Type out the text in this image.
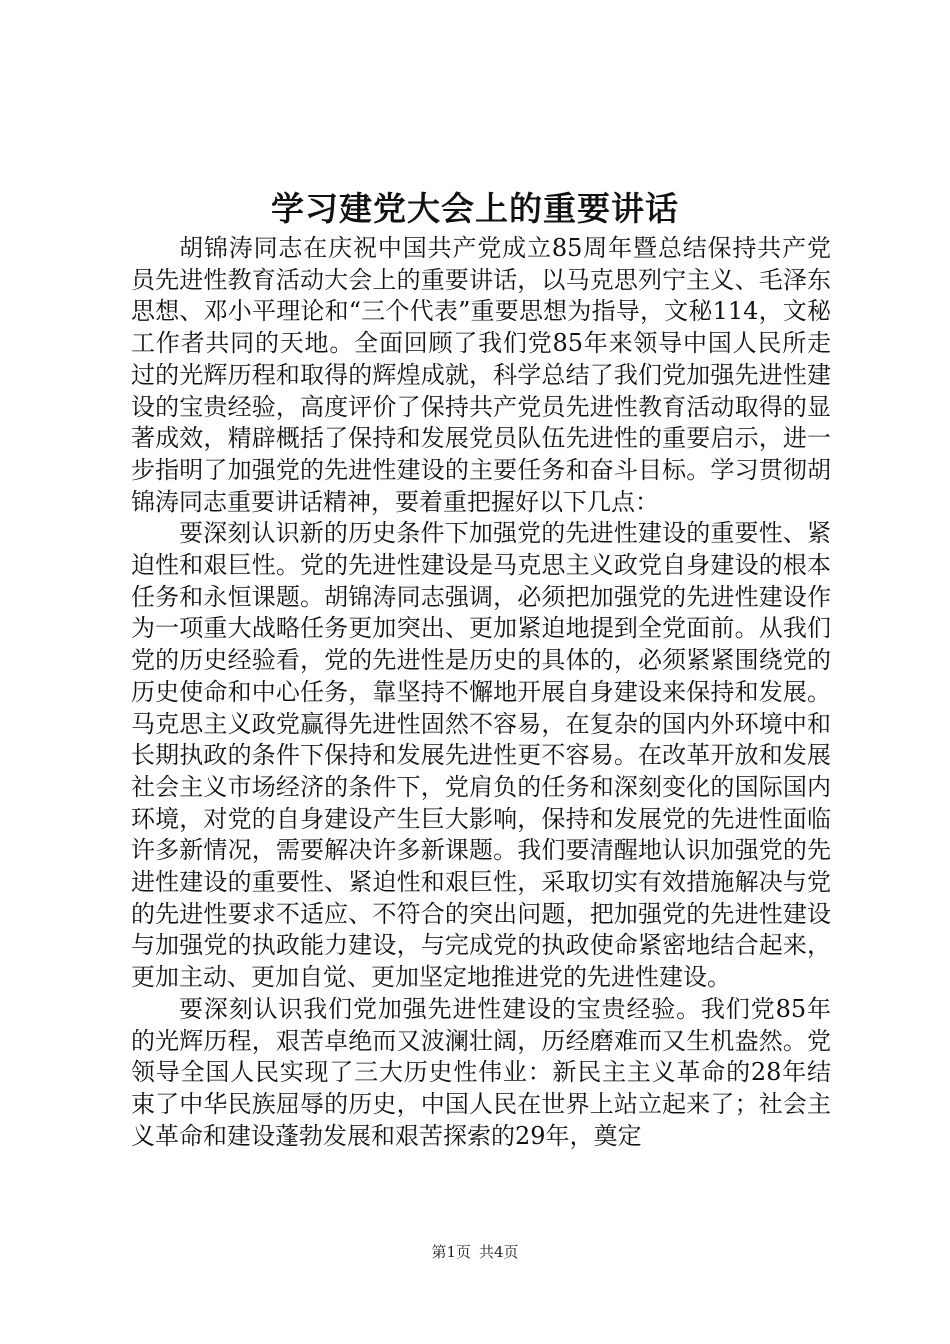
学习建党大会上的重要讲话

胡锦涛同志在庆祝中国共产党成立85周年暨总结保持共产党员先进性教育活动大会上的重要讲话，以马克思列宁主义、毛泽东思想、邓小平理论和“三个代表”重要思想为指导，文秘114，文秘工作者共同的天地。全面回顾了我们党85年来领导中国人民所走过的光辉历程和取得的辉煌成就，科学总结了我们党加强先进性建设的宝贵经验，高度评价了保持共产党员先进性教育活动取得的显著成效，精辟概括了保持和发展党员队伍先进性的重要启示，进一步指明了加强党的先进性建设的主要任务和奋斗目标。学习贯彻胡锦涛同志重要讲话精神，要着重把握好以下几点：

要深刻认识新的历史条件下加强党的先进性建设的重要性、紧迫性和艰巨性。党的先进性建设是马克思主义政党自身建设的根本任务和永恒课题。胡锦涛同志强调，必须把加强党的先进性建设作为一项重大战略任务更加突出、更加紧迫地提到全党面前。从我们党的历史经验看，党的先进性是历史的具体的，必须紧紧围绕党的历史使命和中心任务，靠坚持不懈地开展自身建设来保持和发展。马克思主义政党赢得先进性固然不容易，在复杂的国内外环境中和长期执政的条件下保持和发展先进性更不容易。在改革开放和发展社会主义市场经济的条件下，党肩负的任务和深刻变化的国际国内环境，对党的自身建设产生巨大影响，保持和发展党的先进性面临许多新情况，需要解决许多新课题。我们要清醒地认识加强党的先进性建设的重要性、紧迫性和艰巨性，采取切实有效措施解决与党的先进性要求不适应、不符合的突出问题，把加强党的先进性建设与加强党的执政能力建设，与完成党的执政使命紧密地结合起来，更加主动、更加自觉、更加坚定地推进党的先进性建设。

要深刻认识我们党加强先进性建设的宝贵经验。我们党85年的光辉历程，艰苦卓绝而又波澜壮阔，历经磨难而又生机盎然。党领导全国人民实现了三大历史性伟业：新民主主义革命的28年结束了中华民族屈辱的历史，中国人民在世界上站立起来了；社会主义革命和建设蓬勃发展和艰苦探索的29年，奠定

第1页 共4页
